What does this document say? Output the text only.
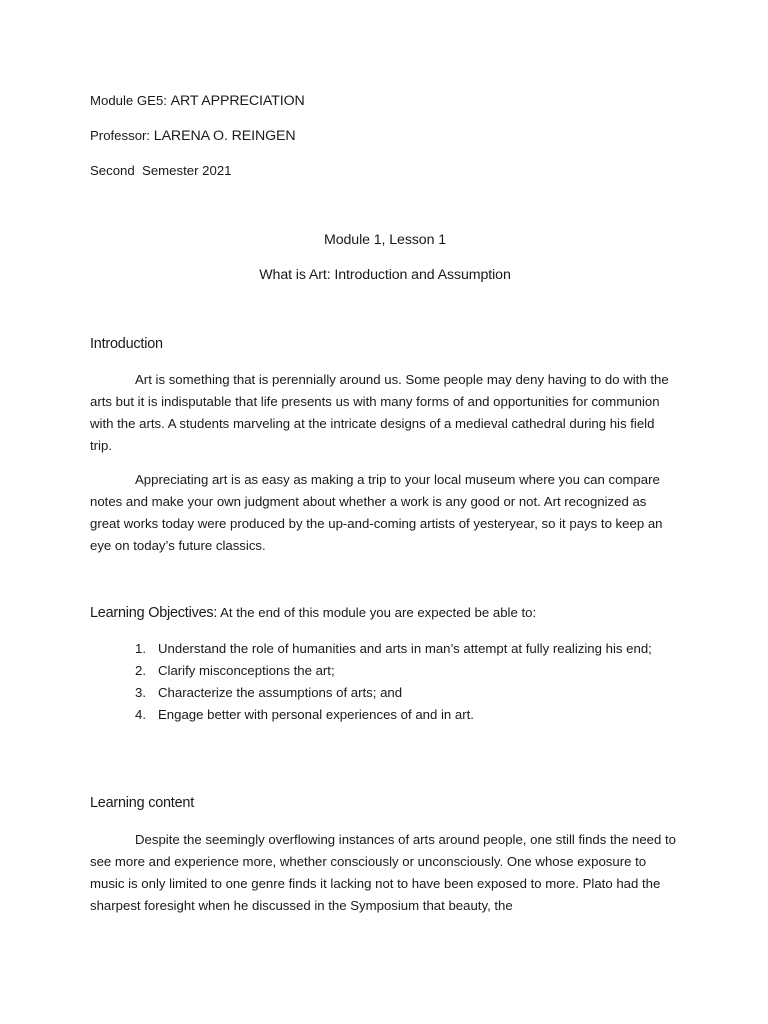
Module GE5: ART APPRECIATION
Professor: LARENA O. REINGEN
Second  Semester 2021
Module 1, Lesson 1
What is Art: Introduction and Assumption
Introduction

Art is something that is perennially around us. Some people may deny having to do with the arts but it is indisputable that life presents us with many forms of and opportunities for communion with the arts. A students marveling at the intricate designs of a medieval cathedral during his field trip.

Appreciating art is as easy as making a trip to your local museum where you can compare notes and make your own judgment about whether a work is any good or not. Art recognized as great works today were produced by the up-and-coming artists of yesteryear, so it pays to keep an eye on today’s future classics.

Learning Objectives: At the end of this module you are expected be able to:
1. Understand the role of humanities and arts in man’s attempt at fully realizing his end;
2. Clarify misconceptions the art;
3. Characterize the assumptions of arts; and
4. Engage better with personal experiences of and in art.
Learning content

Despite the seemingly overflowing instances of arts around people, one still finds the need to see more and experience more, whether consciously or unconsciously. One whose exposure to music is only limited to one genre finds it lacking not to have been exposed to more. Plato had the sharpest foresight when he discussed in the Symposium that beauty, the
